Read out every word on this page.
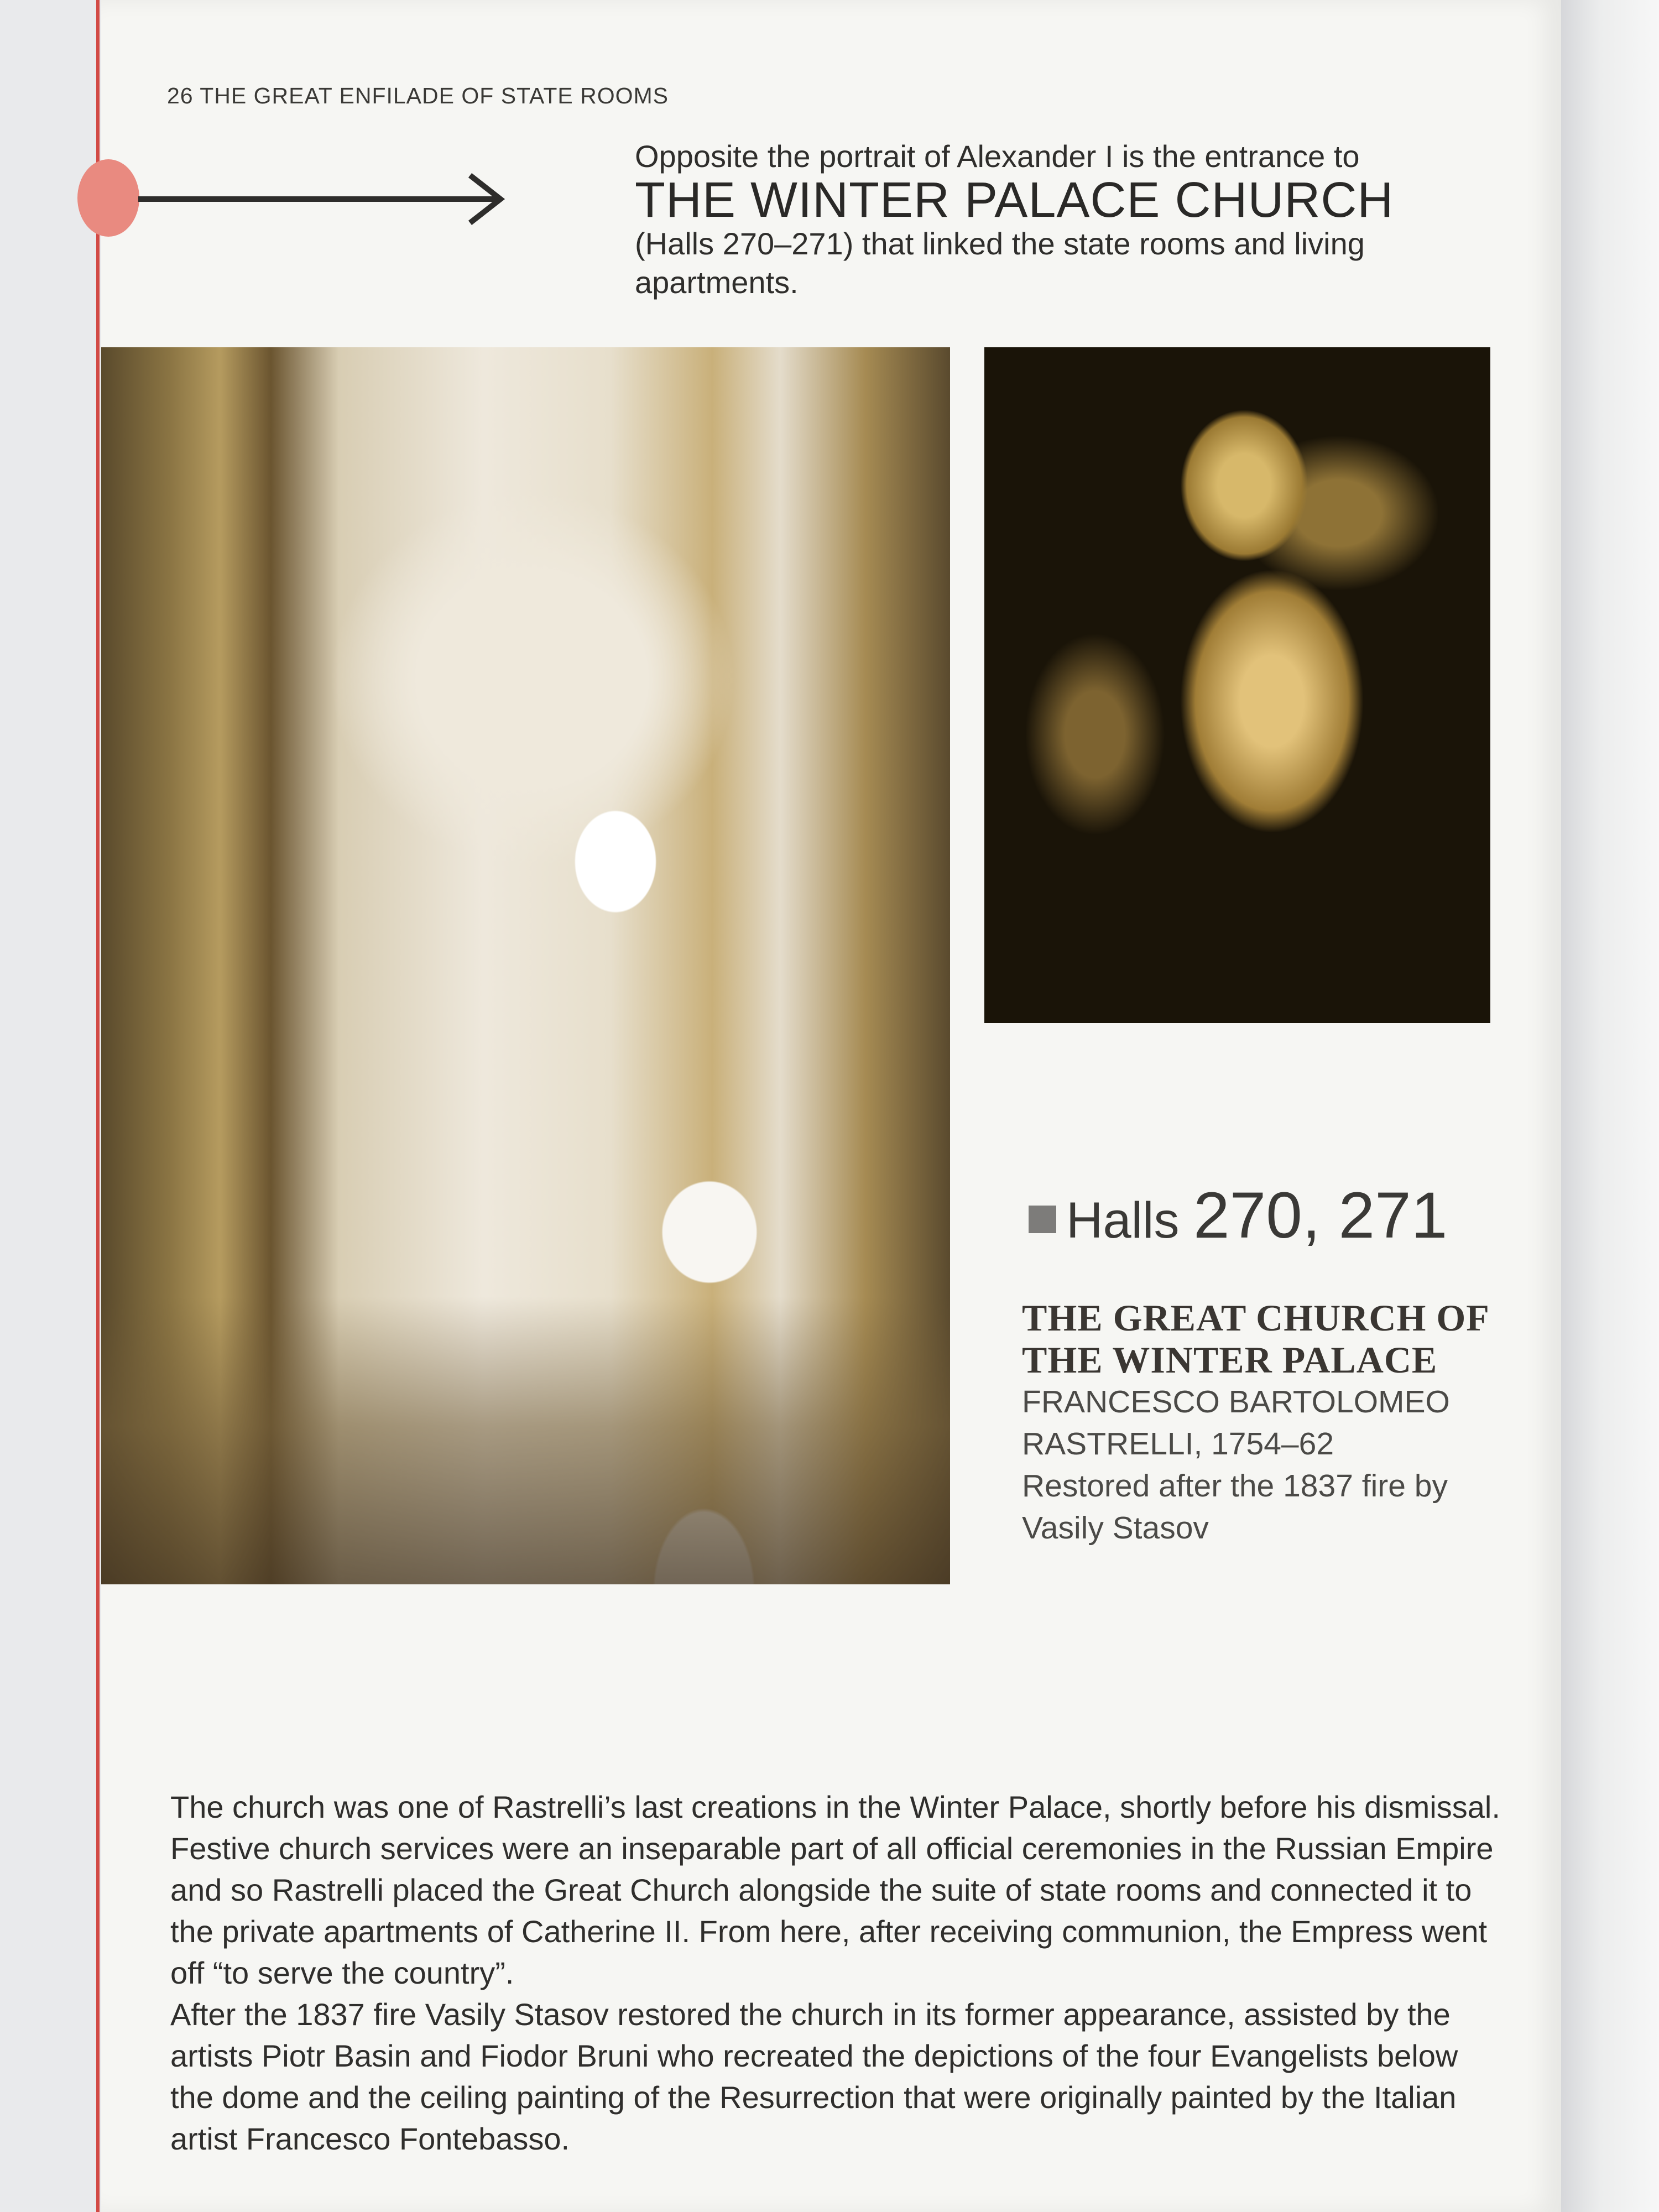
26 THE GREAT ENFILADE OF STATE ROOMS
Opposite the portrait of Alexander I is the entrance to
THE WINTER PALACE CHURCH
(Halls 270–271) that linked the state rooms and living apartments.
Halls 270, 271
THE GREAT CHURCH OF THE WINTER PALACE
FRANCESCO BARTOLOMEO RASTRELLI, 1754–62
Restored after the 1837 fire by Vasily Stasov

The church was one of Rastrelli’s last creations in the Winter Palace, shortly before his dismissal. Festive church services were an inseparable part of all official ceremonies in the Russian Empire and so Rastrelli placed the Great Church alongside the suite of state rooms and connected it to the private apartments of Catherine II. From here, after receiving communion, the Empress went off “to serve the country”.

After the 1837 fire Vasily Stasov restored the church in its former appearance, assisted by the artists Piotr Basin and Fiodor Bruni who recreated the depictions of the four Evangelists below the dome and the ceiling painting of the Resurrection that were originally painted by the Italian artist Francesco Fontebasso.
